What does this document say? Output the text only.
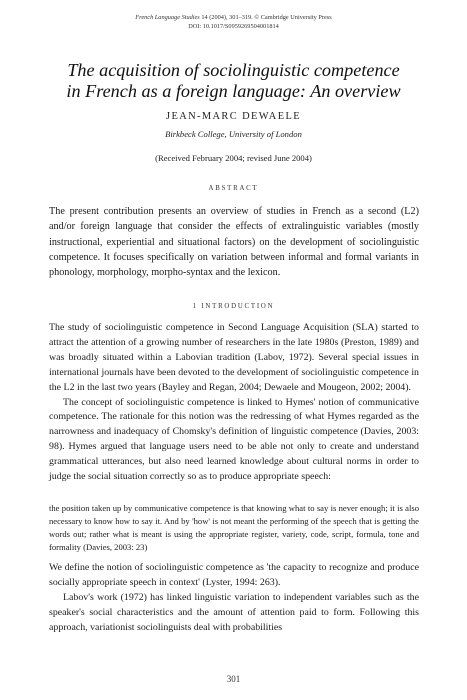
French Language Studies 14 (2004), 301–319. © Cambridge University Press
DOI: 10.1017/S0959269504001814
The acquisition of sociolinguistic competence
in French as a foreign language: An overview
JEAN-MARC DEWAELE
Birkbeck College, University of London
(Received February 2004; revised June 2004)
ABSTRACT

The present contribution presents an overview of studies in French as a second (L2) and/or foreign language that consider the effects of extralinguistic variables (mostly instructional, experiential and situational factors) on the development of sociolinguistic competence. It focuses specifically on variation between informal and formal variants in phonology, morphology, morpho-syntax and the lexicon.

1 INTRODUCTION

The study of sociolinguistic competence in Second Language Acquisition (SLA) started to attract the attention of a growing number of researchers in the late 1980s (Preston, 1989) and was broadly situated within a Labovian tradition (Labov, 1972). Several special issues in international journals have been devoted to the development of sociolinguistic competence in the L2 in the last two years (Bayley and Regan, 2004; Dewaele and Mougeon, 2002; 2004).

The concept of sociolinguistic competence is linked to Hymes' notion of communicative competence. The rationale for this notion was the redressing of what Hymes regarded as the narrowness and inadequacy of Chomsky's definition of linguistic competence (Davies, 2003: 98). Hymes argued that language users need to be able not only to create and understand grammatical utterances, but also need learned knowledge about cultural norms in order to judge the social situation correctly so as to produce appropriate speech:

the position taken up by communicative competence is that knowing what to say is never enough; it is also necessary to know how to say it. And by 'how' is not meant the performing of the speech that is getting the words out; rather what is meant is using the appropriate register, variety, code, script, formula, tone and formality (Davies, 2003: 23)

We define the notion of sociolinguistic competence as 'the capacity to recognize and produce socially appropriate speech in context' (Lyster, 1994: 263).

Labov's work (1972) has linked linguistic variation to independent variables such as the speaker's social characteristics and the amount of attention paid to form. Following this approach, variationist sociolinguists deal with probabilities

301
